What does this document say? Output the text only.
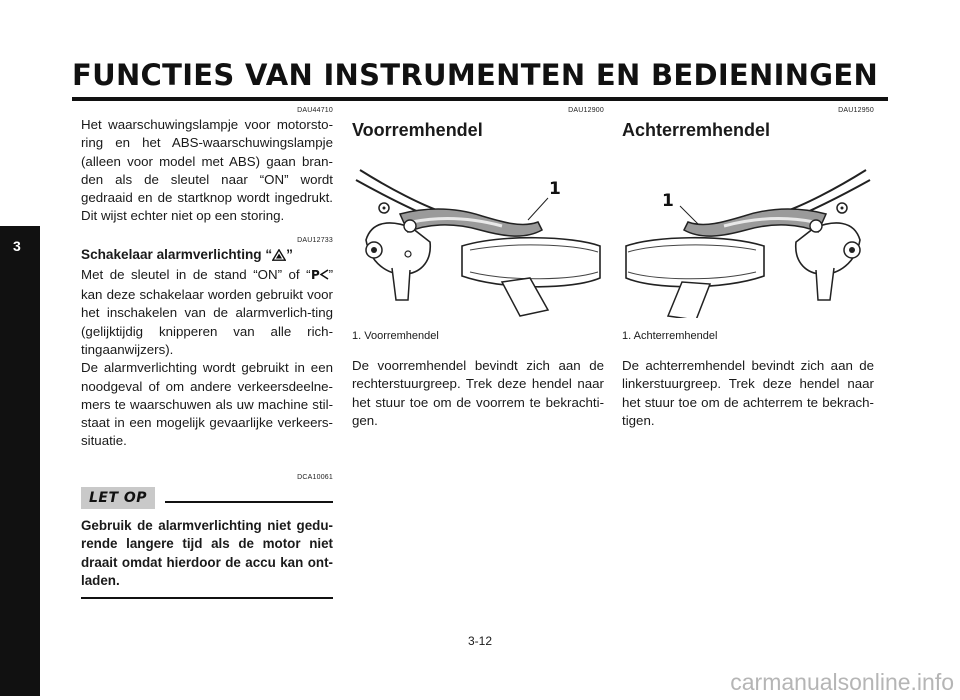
FUNCTIES VAN INSTRUMENTEN EN BEDIENINGEN
3

DAU44710

Het waarschuwingslampje voor motorsto-ring en het ABS-waarschuwingslampje (alleen voor model met ABS) gaan bran-den als de sleutel naar “ON” wordt gedraaid en de startknop wordt ingedrukt. Dit wijst echter niet op een storing.

DAU12733

Schakelaar alarmverlichting “ ”

Met de sleutel in de stand “ON” of “ P ” kan deze schakelaar worden gebruikt voor het inschakelen van de alarmverlich-ting (gelijktijdig knipperen van alle rich-tingaanwijzers).

De alarmverlichting wordt gebruikt in een noodgeval of om andere verkeersdeelne-mers te waarschuwen als uw machine stil-staat in een mogelijk gevaarlijke verkeers-situatie.

DCA10061

LET OP

Gebruik de alarmverlichting niet gedu-rende langere tijd als de motor niet draait omdat hierdoor de accu kan ont-laden.

DAU12900

Voorremhendel

1

1. Voorremhendel

De voorremhendel bevindt zich aan de rechterstuurgreep. Trek deze hendel naar het stuur toe om de voorrem te bekrachti-gen.

DAU12950

Achterremhendel

1

1. Achterremhendel

De achterremhendel bevindt zich aan de linkerstuurgreep. Trek deze hendel naar het stuur toe om de achterrem te bekrach-tigen.

3-12
carmanualsonline.info
